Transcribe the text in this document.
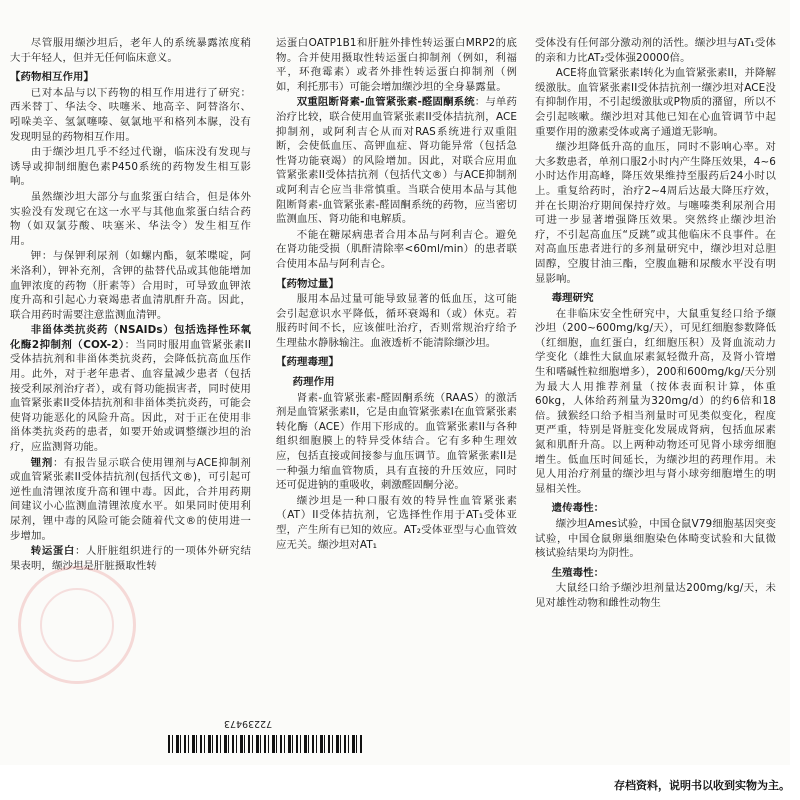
尽管服用缬沙坦后，老年人的系统暴露浓度稍大于年轻人，但并无任何临床意义。

【药物相互作用】

已对本品与以下药物的相互作用进行了研究：西米替丁、华法令、呋噻米、地高辛、阿替洛尔、吲哚美辛、氢氯噻嗪、氨氯地平和格列本脲，没有发现明显的药物相互作用。

由于缬沙坦几乎不经过代谢，临床没有发现与诱导或抑制细胞色素P450系统的药物发生相互影响。

虽然缬沙坦大部分与血浆蛋白结合，但是体外实验没有发现它在这一水平与其他血浆蛋白结合药物（如双氯芬酸、呋塞米、华法令）发生相互作用。

钾：与保钾利尿剂（如螺内酯，氨苯喋啶，阿米洛利），钾补充剂，含钾的盐替代品或其他能增加血钾浓度的药物（肝素等）合用时，可导致血钾浓度升高和引起心力衰竭患者血清肌酐升高。因此，联合用药时需要注意监测血清钾。

非甾体类抗炎药（NSAIDs）包括选择性环氧化酶2抑制剂（COX-2）：当同时服用血管紧张素II受体拮抗剂和非甾体类抗炎药，会降低抗高血压作用。此外，对于老年患者、血容量减少患者（包括接受利尿剂治疗者），或有肾功能损害者，同时使用血管紧张素II受体拮抗剂和非甾体类抗炎药，可能会使肾功能恶化的风险升高。因此，对于正在使用非甾体类抗炎药的患者，如要开始或调整缬沙坦的治疗，应监测肾功能。

锂剂：有报告显示联合使用锂剂与ACE抑制剂或血管紧张素II受体拮抗剂(包括代文®)，可引起可逆性血清锂浓度升高和锂中毒。因此，合并用药期间建议小心监测血清锂浓度水平。如果同时使用利尿剂，锂中毒的风险可能会随着代文®的使用进一步增加。

转运蛋白：人肝脏组织进行的一项体外研究结果表明，缬沙坦是肝脏摄取性转

运蛋白OATP1B1和肝脏外排性转运蛋白MRP2的底物。合并使用摄取性转运蛋白抑制剂（例如，利福平，环孢霉素）或者外排性转运蛋白抑制剂（例如，利托那韦）可能会增加缬沙坦的全身暴露量。

双重阻断肾素-血管紧张素-醛固酮系统：与单药治疗比较，联合使用血管紧张素II受体拮抗剂，ACE抑制剂，或阿利吉仑从而对RAS系统进行双重阻断，会使低血压、高钾血症、肾功能异常（包括急性肾功能衰竭）的风险增加。因此，对联合应用血管紧张素II受体拮抗剂（包括代文®）与ACE抑制剂或阿利吉仑应当非常慎重。当联合使用本品与其他阻断肾素-血管紧张素-醛固酮系统的药物，应当密切监测血压、肾功能和电解质。

不能在糖尿病患者合用本品与阿利吉仑。避免在肾功能受损（肌酐清除率<60ml/min）的患者联合使用本品与阿利吉仑。

【药物过量】

服用本品过量可能导致显著的低血压，这可能会引起意识水平降低，循环衰竭和（或）休克。若服药时间不长，应该催吐治疗，否则常规治疗给予生理盐水静脉输注。血液透析不能清除缬沙坦。

【药理毒理】
药理作用

肾素-血管紧张素-醛固酮系统（RAAS）的激活剂是血管紧张素II，它是由血管紧张素I在血管紧张素转化酶（ACE）作用下形成的。血管紧张素II与各种组织细胞膜上的特异受体结合。它有多种生理效应，包括直接或间接参与血压调节。血管紧张素II是一种强力缩血管物质，具有直接的升压效应，同时还可促进钠的重吸收，刺激醛固酮分泌。

缬沙坦是一种口服有效的特异性血管紧张素（AT）II受体拮抗剂，它选择性作用于AT₁受体亚型，产生所有已知的效应。AT₂受体亚型与心血管效应无关。缬沙坦对AT₁

受体没有任何部分激动剂的活性。缬沙坦与AT₁受体的亲和力比AT₂受体强20000倍。

ACE将血管紧张素I转化为血管紧张素II，并降解缓激肽。血管紧张素II受体拮抗剂一缬沙坦对ACE没有抑制作用，不引起缓激肽或P物质的潴留，所以不会引起咳嗽。缬沙坦对其他已知在心血管调节中起重要作用的激素受体或离子通道无影响。

缬沙坦降低升高的血压，同时不影响心率。对大多数患者，单剂口服2小时内产生降压效果，4~6小时达作用高峰，降压效果维持至服药后24小时以上。重复给药时，治疗2~4周后达最大降压疗效，并在长期治疗期间保持疗效。与噻嗪类利尿剂合用可进一步显著增强降压效果。突然终止缬沙坦治疗，不引起高血压“反跳”或其他临床不良事件。在对高血压患者进行的多剂量研究中，缬沙坦对总胆固醇，空腹甘油三酯，空腹血糖和尿酸水平没有明显影响。

毒理研究

在非临床安全性研究中，大鼠重复经口给予缬沙坦（200~600mg/kg/天），可见红细胞参数降低（红细胞，血红蛋白，红细胞压积）及肾血流动力学变化（雄性大鼠血尿素氮轻微升高，及肾小管增生和嗜碱性粒细胞增多），200和600mg/kg/天分别为最大人用推荐剂量（按体表面积计算，体重60kg，人体给药剂量为320mg/d）的约6倍和18倍。狨猴经口给予相当剂量时可见类似变化，程度更严重，特别是肾脏变化发展成肾病，包括血尿素氮和肌酐升高。以上两种动物还可见肾小球旁细胞增生。低血压时间延长，为缬沙坦的药理作用。未见人用治疗剂量的缬沙坦与肾小球旁细胞增生的明显相关性。

遗传毒性：

缬沙坦Ames试验，中国仓鼠V79细胞基因突变试验，中国仓鼠卵巢细胞染色体畸变试验和大鼠微核试验结果均为阴性。

生殖毒性：

大鼠经口给予缬沙坦剂量达200mg/kg/天，未见对雄性动物和雌性动物生

72239473
存档资料，说明书以收到实物为主。
